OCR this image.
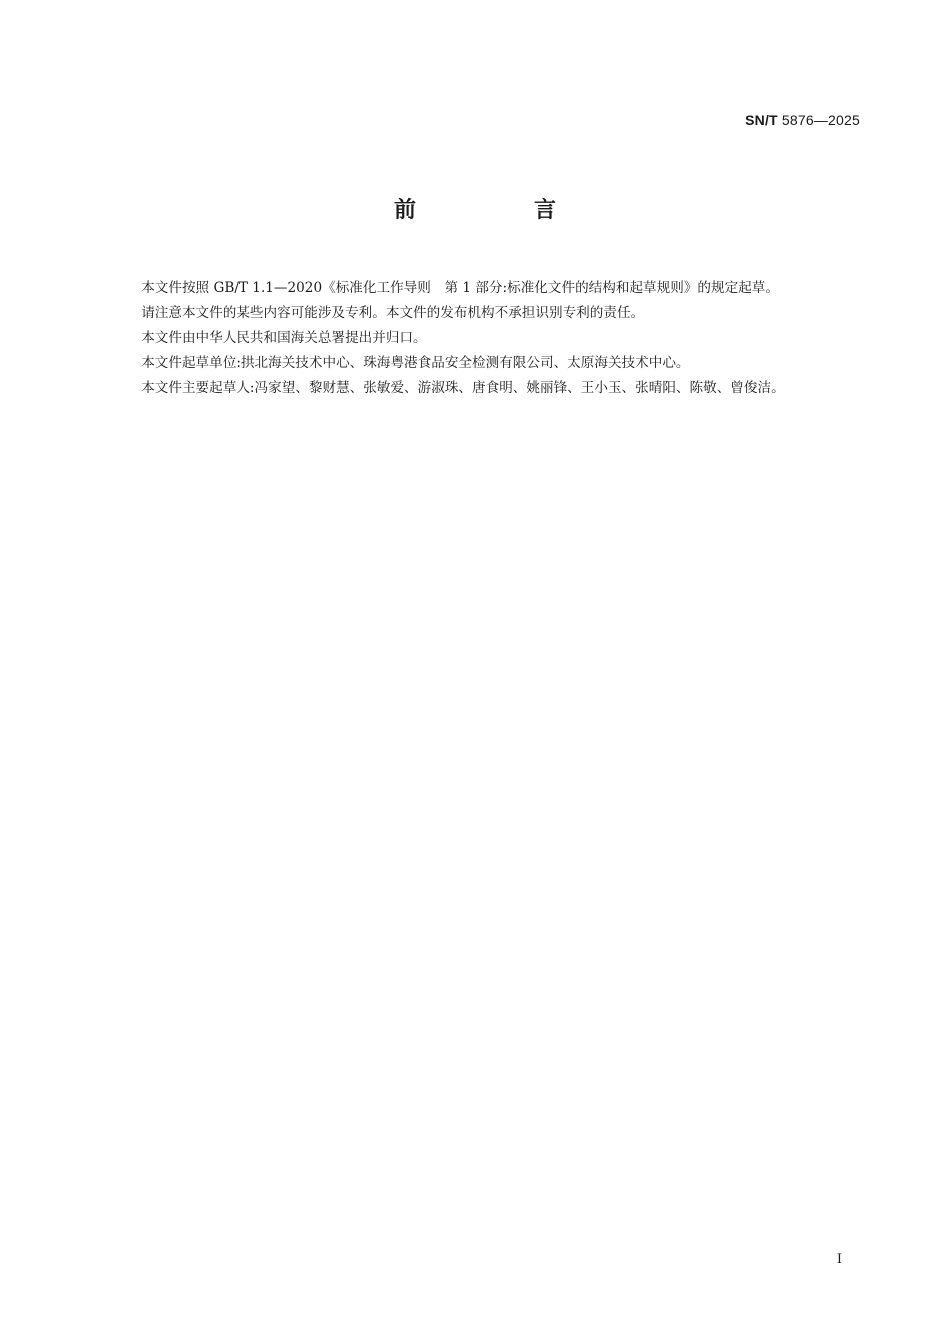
SN/T 5876—2025
前　言

本文件按照 GB/T 1.1—2020《标准化工作导则　第 1 部分:标准化文件的结构和起草规则》的规定起草。

请注意本文件的某些内容可能涉及专利。本文件的发布机构不承担识别专利的责任。

本文件由中华人民共和国海关总署提出并归口。

本文件起草单位:拱北海关技术中心、珠海粤港食品安全检测有限公司、太原海关技术中心。

本文件主要起草人:冯家望、黎财慧、张敏爱、游淑珠、唐食明、姚丽锋、王小玉、张晴阳、陈敬、曾俊洁。

I
